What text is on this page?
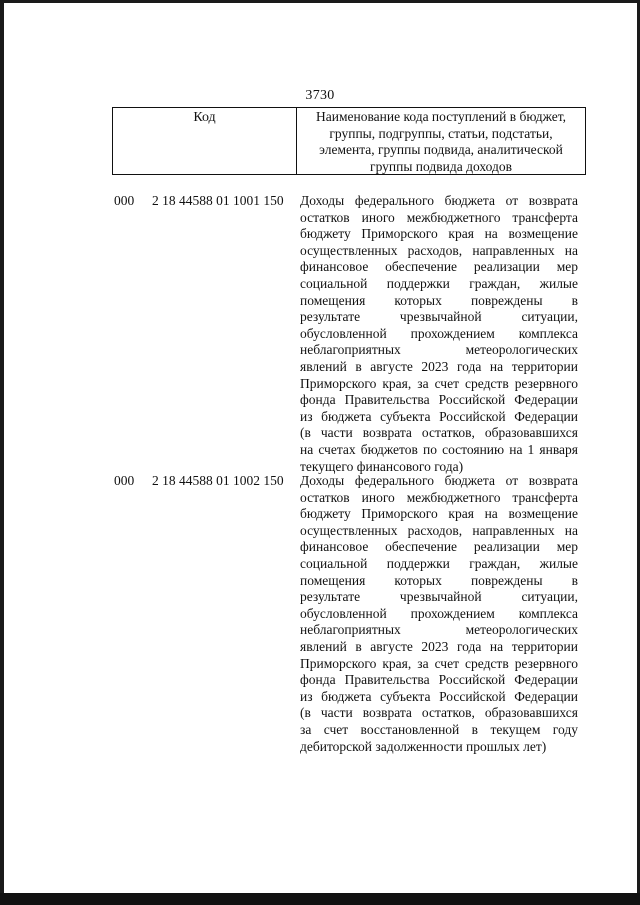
3730
Код	Наименование кода поступлений в бюджет,
группы, подгруппы, статьи, подстатьи,
элемента, группы подвида, аналитической
группы подвида доходов
000	2 18 44588 01 1001 150	Доходы федерального бюджета от возврата
остатков иного межбюджетного трансферта
бюджету Приморского края на возмещение
осуществленных расходов, направленных на
финансовое обеспечение реализации мер
социальной поддержки граждан, жилые
помещения которых повреждены в
результате чрезвычайной ситуации,
обусловленной прохождением комплекса
неблагоприятных метеорологических
явлений в августе 2023 года на территории
Приморского края, за счет средств резервного
фонда Правительства Российской Федерации
из бюджета субъекта Российской Федерации
(в части возврата остатков, образовавшихся
на счетах бюджетов по состоянию на 1 января
текущего финансового года)
000	2 18 44588 01 1002 150	Доходы федерального бюджета от возврата
остатков иного межбюджетного трансферта
бюджету Приморского края на возмещение
осуществленных расходов, направленных на
финансовое обеспечение реализации мер
социальной поддержки граждан, жилые
помещения которых повреждены в
результате чрезвычайной ситуации,
обусловленной прохождением комплекса
неблагоприятных метеорологических
явлений в августе 2023 года на территории
Приморского края, за счет средств резервного
фонда Правительства Российской Федерации
из бюджета субъекта Российской Федерации
(в части возврата остатков, образовавшихся
за счет восстановленной в текущем году
дебиторской задолженности прошлых лет)
